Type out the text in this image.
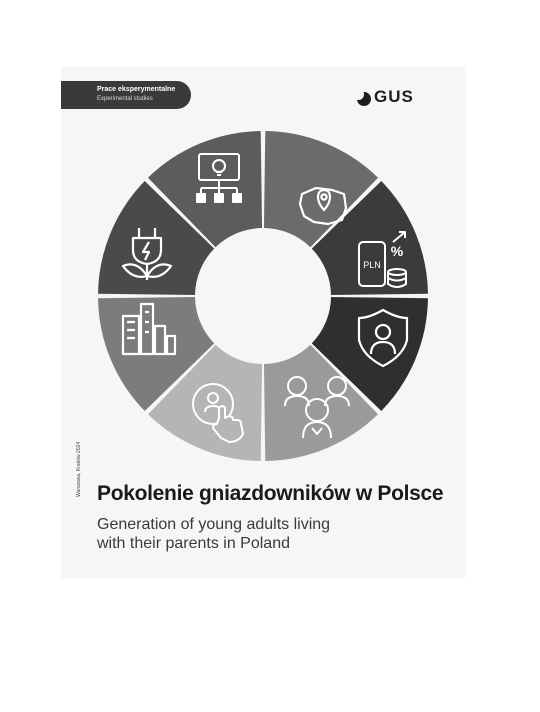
Prace eksperymentalne
Experimental studies	GUS
PLN
%
Warszawa, Kraków 2024 Pokolenie gniazdowników w Polsce
Generation of young adults living
with their parents in Poland
